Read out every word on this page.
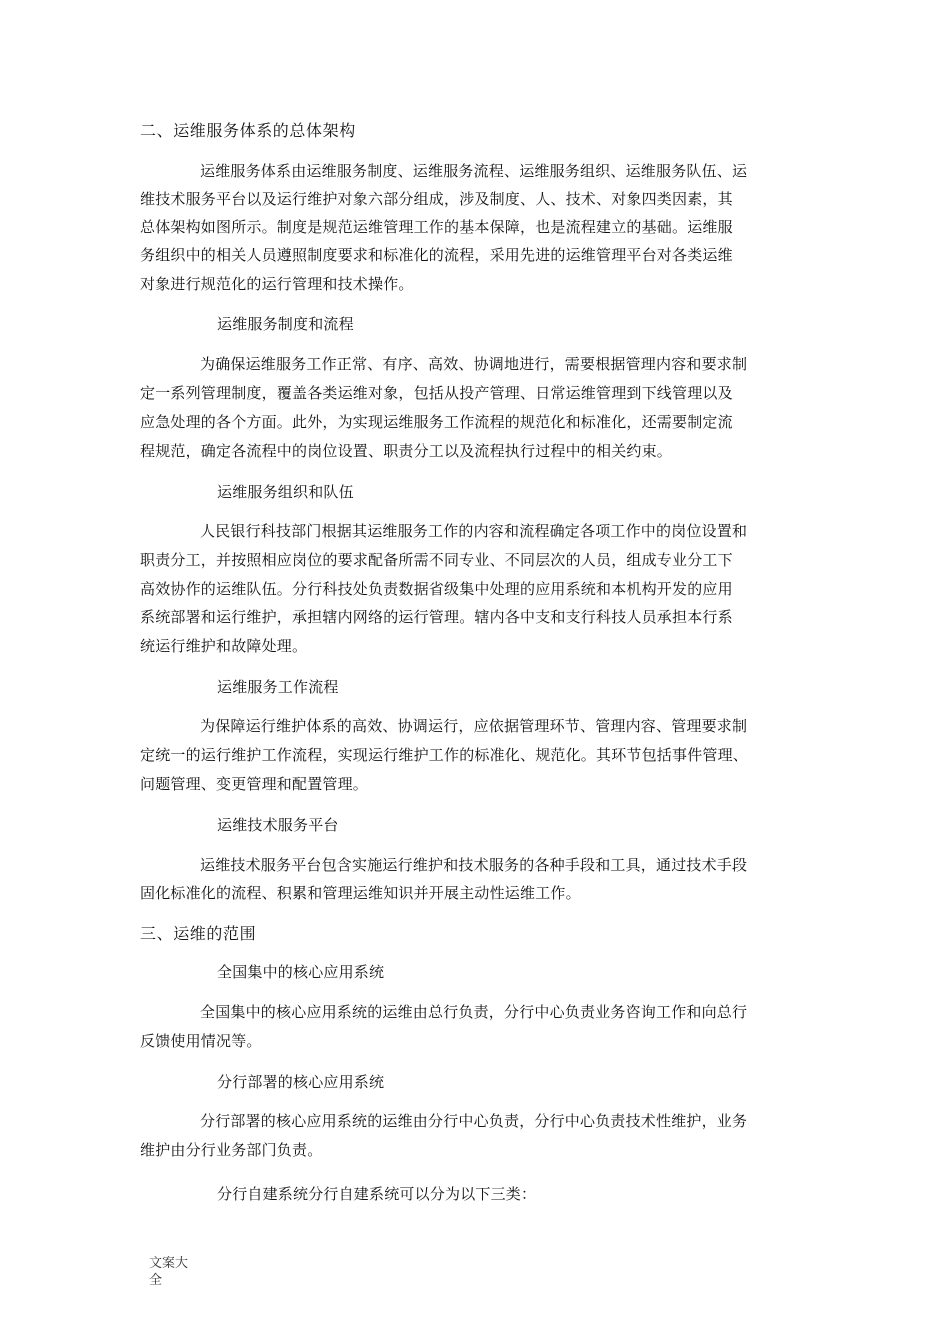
二、运维服务体系的总体架构
运维服务体系由运维服务制度、运维服务流程、运维服务组织、运维服务队伍、运
维技术服务平台以及运行维护对象六部分组成，涉及制度、人、技术、对象四类因素，其
总体架构如图所示。制度是规范运维管理工作的基本保障，也是流程建立的基础。运维服
务组织中的相关人员遵照制度要求和标准化的流程，采用先进的运维管理平台对各类运维
对象进行规范化的运行管理和技术操作。
运维服务制度和流程
为确保运维服务工作正常、有序、高效、协调地进行，需要根据管理内容和要求制
定一系列管理制度，覆盖各类运维对象，包括从投产管理、日常运维管理到下线管理以及
应急处理的各个方面。此外，为实现运维服务工作流程的规范化和标准化，还需要制定流
程规范，确定各流程中的岗位设置、职责分工以及流程执行过程中的相关约束。
运维服务组织和队伍
人民银行科技部门根据其运维服务工作的内容和流程确定各项工作中的岗位设置和
职责分工，并按照相应岗位的要求配备所需不同专业、不同层次的人员，组成专业分工下
高效协作的运维队伍。分行科技处负责数据省级集中处理的应用系统和本机构开发的应用
系统部署和运行维护，承担辖内网络的运行管理。辖内各中支和支行科技人员承担本行系
统运行维护和故障处理。
运维服务工作流程
为保障运行维护体系的高效、协调运行，应依据管理环节、管理内容、管理要求制
定统一的运行维护工作流程，实现运行维护工作的标准化、规范化。其环节包括事件管理、
问题管理、变更管理和配置管理。
运维技术服务平台
运维技术服务平台包含实施运行维护和技术服务的各种手段和工具，通过技术手段
固化标准化的流程、积累和管理运维知识并开展主动性运维工作。
三、运维的范围
全国集中的核心应用系统
全国集中的核心应用系统的运维由总行负责，分行中心负责业务咨询工作和向总行
反馈使用情况等。
分行部署的核心应用系统
分行部署的核心应用系统的运维由分行中心负责，分行中心负责技术性维护，业务
维护由分行业务部门负责。
分行自建系统分行自建系统可以分为以下三类：
文案大
全
